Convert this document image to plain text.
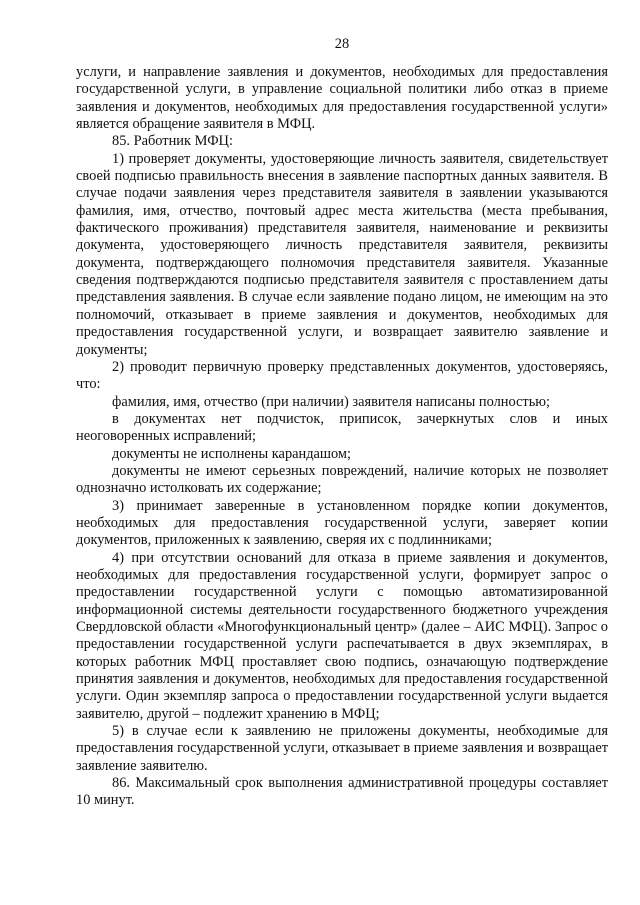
28

услуги, и направление заявления и документов, необходимых для предоставления государственной услуги, в управление социальной политики либо отказ в приеме заявления и документов, необходимых для предоставления государственной услуги» является обращение заявителя в МФЦ.

85. Работник МФЦ:

1) проверяет документы, удостоверяющие личность заявителя, свидетельствует своей подписью правильность внесения в заявление паспортных данных заявителя. В случае подачи заявления через представителя заявителя в заявлении указываются фамилия, имя, отчество, почтовый адрес места жительства (места пребывания, фактического проживания) представителя заявителя, наименование и реквизиты документа, удостоверяющего личность представителя заявителя, реквизиты документа, подтверждающего полномочия представителя заявителя. Указанные сведения подтверждаются подписью представителя заявителя с проставлением даты представления заявления. В случае если заявление подано лицом, не имеющим на это полномочий, отказывает в приеме заявления и документов, необходимых для предоставления государственной услуги, и возвращает заявителю заявление и документы;

2) проводит первичную проверку представленных документов, удостоверяясь, что:

фамилия, имя, отчество (при наличии) заявителя написаны полностью;

в документах нет подчисток, приписок, зачеркнутых слов и иных неоговоренных исправлений;

документы не исполнены карандашом;

документы не имеют серьезных повреждений, наличие которых не позволяет однозначно истолковать их содержание;

3) принимает заверенные в установленном порядке копии документов, необходимых для предоставления государственной услуги, заверяет копии документов, приложенных к заявлению, сверяя их с подлинниками;

4) при отсутствии оснований для отказа в приеме заявления и документов, необходимых для предоставления государственной услуги, формирует запрос о предоставлении государственной услуги с помощью автоматизированной информационной системы деятельности государственного бюджетного учреждения Свердловской области «Многофункциональный центр» (далее – АИС МФЦ). Запрос о предоставлении государственной услуги распечатывается в двух экземплярах, в которых работник МФЦ проставляет свою подпись, означающую подтверждение принятия заявления и документов, необходимых для предоставления государственной услуги. Один экземпляр запроса о предоставлении государственной услуги выдается заявителю, другой – подлежит хранению в МФЦ;

5) в случае если к заявлению не приложены документы, необходимые для предоставления государственной услуги, отказывает в приеме заявления и возвращает заявление заявителю.

86. Максимальный срок выполнения административной процедуры составляет 10 минут.
